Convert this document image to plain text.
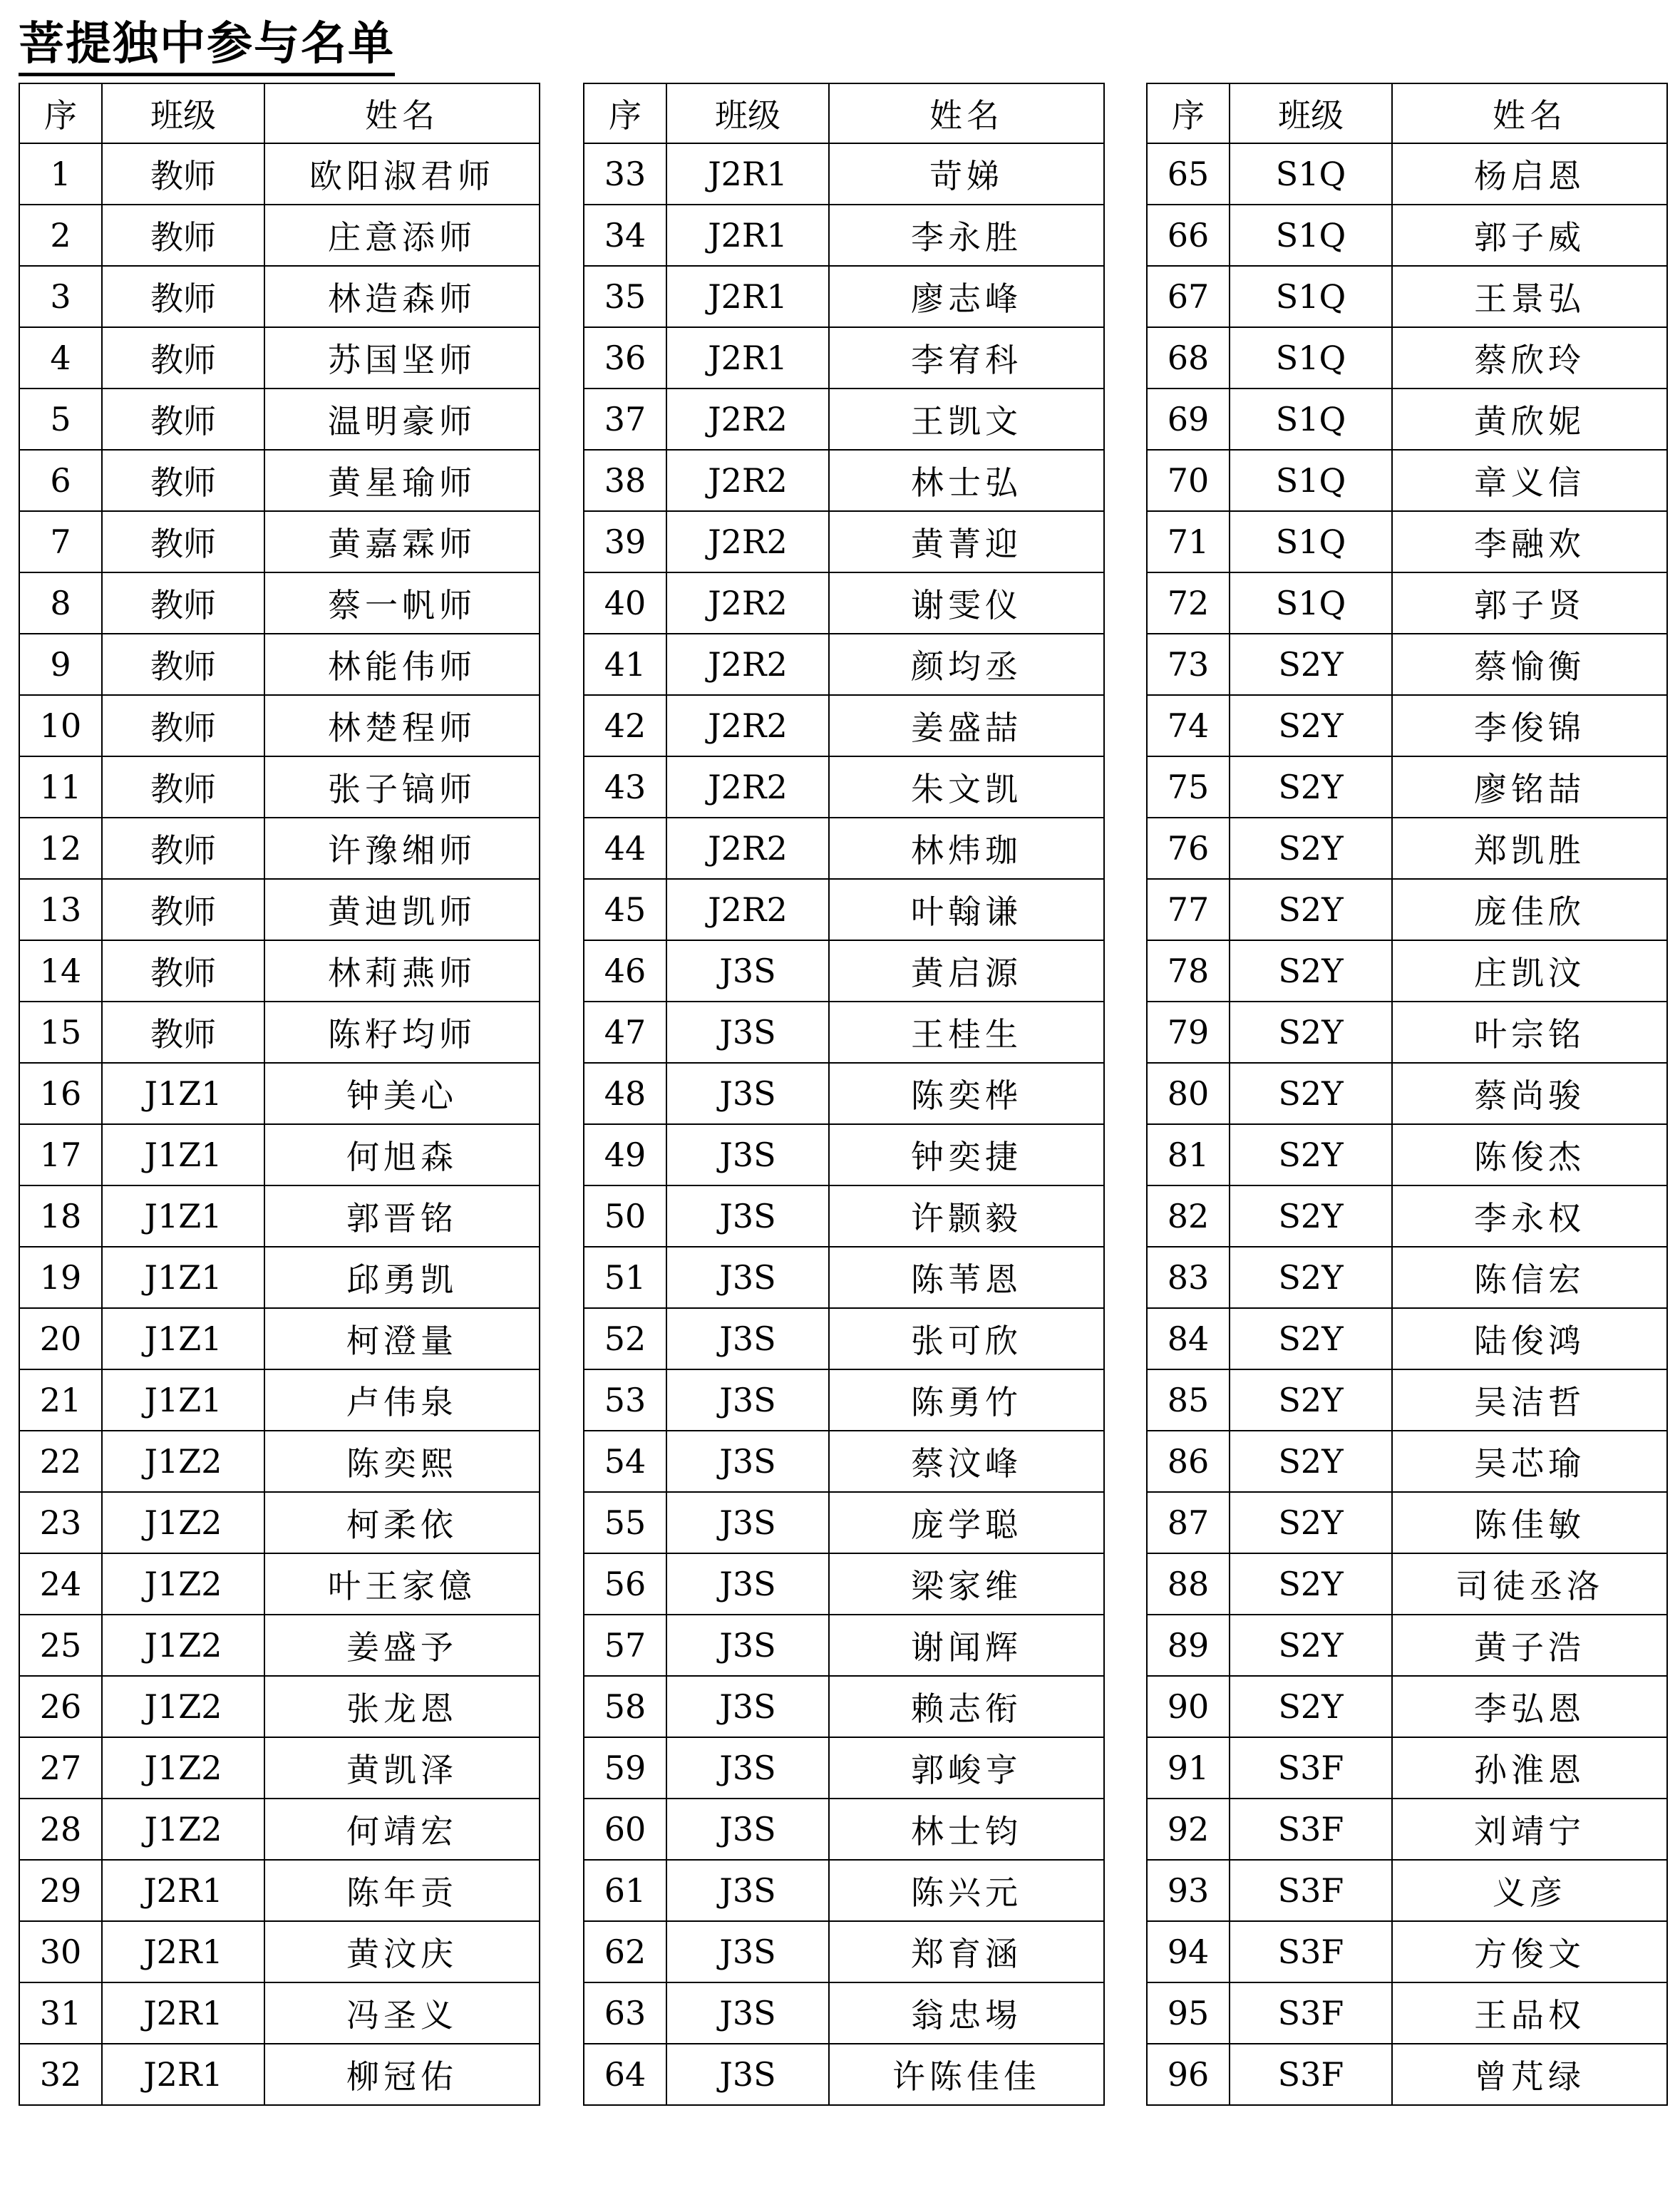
菩提独中参与名单
序	班级	姓名
1	教师	欧阳淑君师
2	教师	庄意添师
3	教师	林造森师
4	教师	苏国坚师
5	教师	温明豪师
6	教师	黄星瑜师
7	教师	黄嘉霖师
8	教师	蔡一帆师
9	教师	林能伟师
10	教师	林楚程师
11	教师	张子镐师
12	教师	许豫缃师
13	教师	黄迪凯师
14	教师	林莉燕师
15	教师	陈籽均师
16	J1Z1	钟美心
17	J1Z1	何旭森
18	J1Z1	郭晋铭
19	J1Z1	邱勇凯
20	J1Z1	柯澄量
21	J1Z1	卢伟泉
22	J1Z2	陈奕熙
23	J1Z2	柯柔依
24	J1Z2	叶王家億
25	J1Z2	姜盛予
26	J1Z2	张龙恩
27	J1Z2	黄凯泽
28	J1Z2	何靖宏
29	J2R1	陈年贡
30	J2R1	黄汶庆
31	J2R1	冯圣义
32	J2R1	柳冠佑
序	班级	姓名
33	J2R1	苛娣
34	J2R1	李永胜
35	J2R1	廖志峰
36	J2R1	李宥科
37	J2R2	王凯文
38	J2R2	林士弘
39	J2R2	黄菁迎
40	J2R2	谢雯仪
41	J2R2	颜均丞
42	J2R2	姜盛喆
43	J2R2	朱文凯
44	J2R2	林炜珈
45	J2R2	叶翰谦
46	J3S	黄启源
47	J3S	王桂生
48	J3S	陈奕桦
49	J3S	钟奕捷
50	J3S	许颢毅
51	J3S	陈苇恩
52	J3S	张可欣
53	J3S	陈勇竹
54	J3S	蔡汶峰
55	J3S	庞学聪
56	J3S	梁家维
57	J3S	谢闻辉
58	J3S	赖志衔
59	J3S	郭峻亨
60	J3S	林士钧
61	J3S	陈兴元
62	J3S	郑育涵
63	J3S	翁忠埸
64	J3S	许陈佳佳
序	班级	姓名
65	S1Q	杨启恩
66	S1Q	郭子威
67	S1Q	王景弘
68	S1Q	蔡欣玲
69	S1Q	黄欣妮
70	S1Q	章义信
71	S1Q	李融欢
72	S1Q	郭子贤
73	S2Y	蔡愉衡
74	S2Y	李俊锦
75	S2Y	廖铭喆
76	S2Y	郑凯胜
77	S2Y	庞佳欣
78	S2Y	庄凯汶
79	S2Y	叶宗铭
80	S2Y	蔡尚骏
81	S2Y	陈俊杰
82	S2Y	李永权
83	S2Y	陈信宏
84	S2Y	陆俊鸿
85	S2Y	吴洁哲
86	S2Y	吴芯瑜
87	S2Y	陈佳敏
88	S2Y	司徒丞洛
89	S2Y	黄子浩
90	S2Y	李弘恩
91	S3F	孙淮恩
92	S3F	刘靖宁
93	S3F	义彦
94	S3F	方俊文
95	S3F	王品权
96	S3F	曾芃绿
